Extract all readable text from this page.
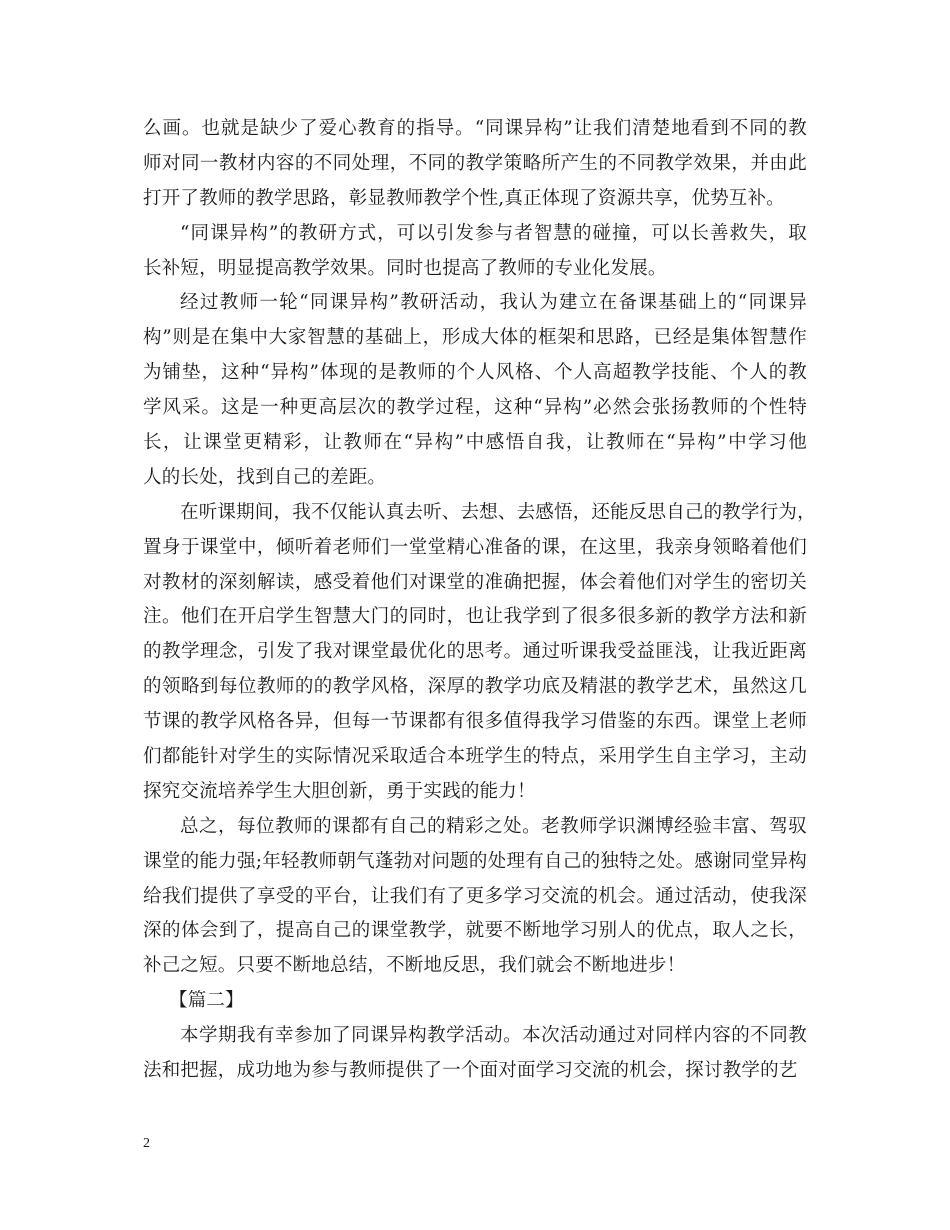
么画。也就是缺少了爱心教育的指导。“同课异构”让我们清楚地看到不同的教
师对同一教材内容的不同处理，不同的教学策略所产生的不同教学效果，并由此
打开了教师的教学思路，彰显教师教学个性,真正体现了资源共享，优势互补。
“同课异构”的教研方式，可以引发参与者智慧的碰撞，可以长善救失，取
长补短，明显提高教学效果。同时也提高了教师的专业化发展。
经过教师一轮“同课异构”教研活动，我认为建立在备课基础上的“同课异
构”则是在集中大家智慧的基础上，形成大体的框架和思路，已经是集体智慧作
为铺垫，这种“异构”体现的是教师的个人风格、个人高超教学技能、个人的教
学风采。这是一种更高层次的教学过程，这种“异构”必然会张扬教师的个性特
长，让课堂更精彩，让教师在“异构”中感悟自我，让教师在“异构”中学习他
人的长处，找到自己的差距。
在听课期间，我不仅能认真去听、去想、去感悟，还能反思自己的教学行为，
置身于课堂中，倾听着老师们一堂堂精心准备的课，在这里，我亲身领略着他们
对教材的深刻解读，感受着他们对课堂的准确把握，体会着他们对学生的密切关
注。他们在开启学生智慧大门的同时，也让我学到了很多很多新的教学方法和新
的教学理念，引发了我对课堂最优化的思考。通过听课我受益匪浅，让我近距离
的领略到每位教师的的教学风格，深厚的教学功底及精湛的教学艺术，虽然这几
节课的教学风格各异，但每一节课都有很多值得我学习借鉴的东西。课堂上老师
们都能针对学生的实际情况采取适合本班学生的特点，采用学生自主学习，主动
探究交流培养学生大胆创新，勇于实践的能力！
总之，每位教师的课都有自己的精彩之处。老教师学识渊博经验丰富、驾驭
课堂的能力强;年轻教师朝气蓬勃对问题的处理有自己的独特之处。感谢同堂异构
给我们提供了享受的平台，让我们有了更多学习交流的机会。通过活动，使我深
深的体会到了，提高自己的课堂教学，就要不断地学习别人的优点，取人之长，
补己之短。只要不断地总结，不断地反思，我们就会不断地进步！
【篇二】
本学期我有幸参加了同课异构教学活动。本次活动通过对同样内容的不同教
法和把握，成功地为参与教师提供了一个面对面学习交流的机会，探讨教学的艺
2
